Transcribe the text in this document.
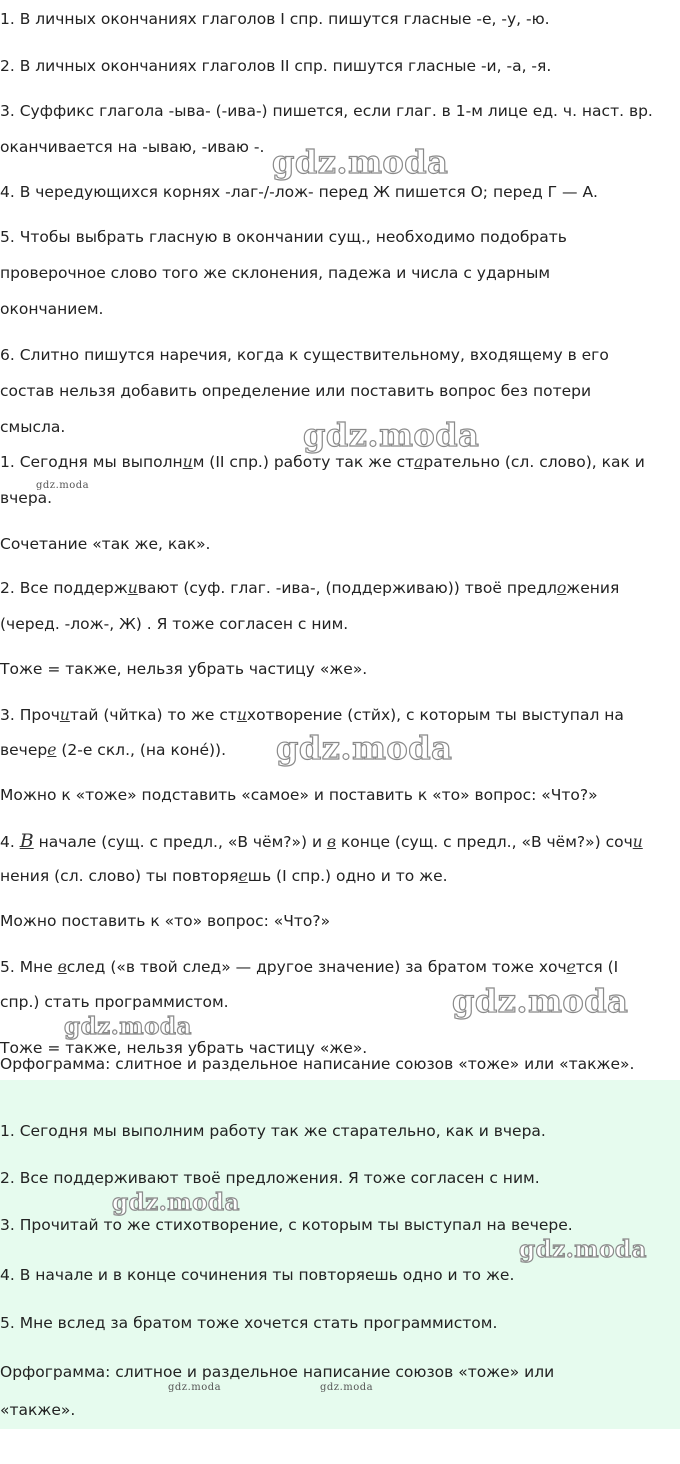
1. В личных окончаниях глаголов I спр. пишутся гласные -е, -у, -ю.
2. В личных окончаниях глаголов II спр. пишутся гласные -и, -а, -я.
3. Суффикс глагола -ыва- (-ива-) пишется, если глаг. в 1-м лице ед. ч. наст. вр.
оканчивается на -ываю, -иваю -.
4. В чередующихся корнях -лаг-/-лож- перед Ж пишется О; перед Г — А.
5. Чтобы выбрать гласную в окончании сущ., необходимо подобрать
проверочное слово того же склонения, падежа и числа с ударным
окончанием.
6. Слитно пишутся наречия, когда к существительному, входящему в его
состав нельзя добавить определение или поставить вопрос без потери
смысла.
1. Сегодня мы выполним (II спр.) работу так же старательно (сл. слово), как и
вчера.
Сочетание «так же, как».
2. Все поддерживают (суф. глаг. -ива-, (поддерживаю)) твоё предложения
(черед. -лож-, Ж) . Я тоже согласен с ним.
Тоже = также, нельзя убрать частицу «же».
3. Прочитай (чйтка) то же стихотворение (стйх), с которым ты выступал на
вечере (2-е скл., (на конé)).
Можно к «тоже» подставить «самое» и поставить к «то» вопрос: «Что?»
4. В начале (сущ. с предл., «В чём?») и в конце (сущ. с предл., «В чём?») сочи
нения (сл. слово) ты повторяешь (I спр.) одно и то же.
Можно поставить к «то» вопрос: «Что?»
5. Мне вслед («в твой след» — другое значение) за братом тоже хочется (I
спр.) стать программистом.
Тоже = также, нельзя убрать частицу «же».
Орфограмма: слитное и раздельное написание союзов «тоже» или «также».
1. Сегодня мы выполним работу так же старательно, как и вчера.
2. Все поддерживают твоё предложения. Я тоже согласен с ним.
3. Прочитай то же стихотворение, с которым ты выступал на вечере.
4. В начале и в конце сочинения ты повторяешь одно и то же.
5. Мне вслед за братом тоже хочется стать программистом.
Орфограмма: слитное и раздельное написание союзов «тоже» или
«также».
gdz.moda
gdz.moda
gdz.moda
gdz.moda
gdz.moda
gdz.moda
gdz.moda
gdz.moda
gdz.moda	gdz.moda
